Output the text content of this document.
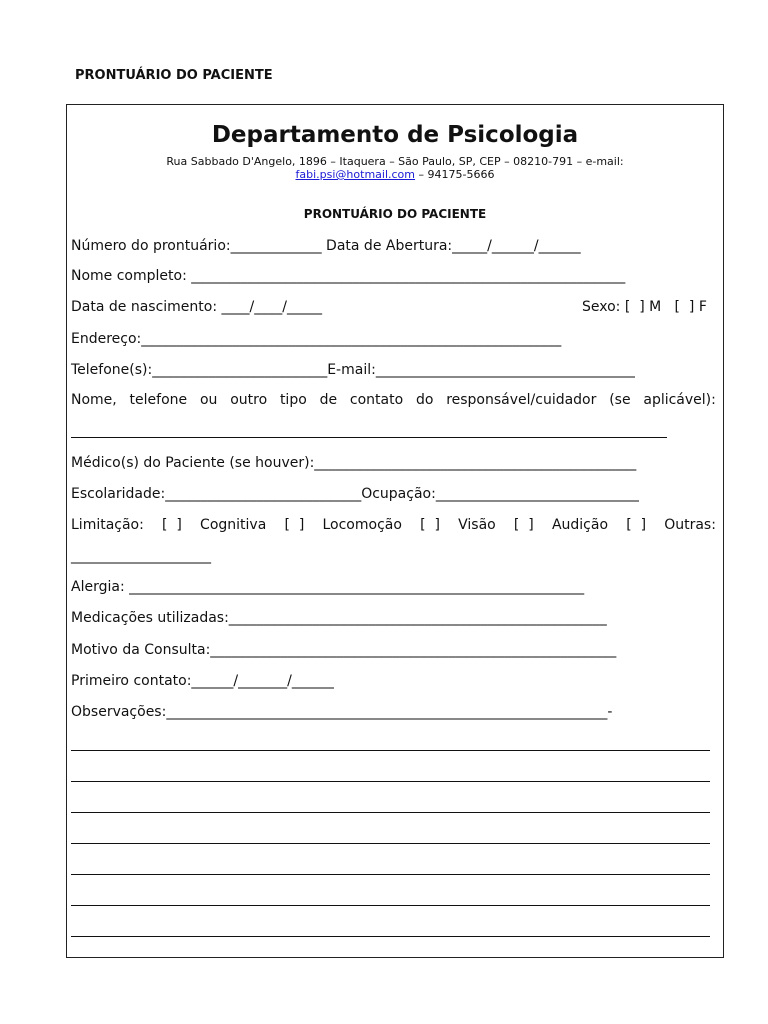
PRONTUÁRIO DO PACIENTE
Departamento de Psicologia
Rua Sabbado D'Angelo, 1896 – Itaquera – São Paulo, SP, CEP – 08210-791 – e-mail:
fabi.psi@hotmail.com – 94175-5666
PRONTUÁRIO DO PACIENTE
Número do prontuário:_____________ Data de Abertura:_____/______/______
Nome completo: ______________________________________________________________
Data de nascimento: ____/____/_____	Sexo: [  ] M   [  ] F
Endereço:____________________________________________________________
Telefone(s):_________________________E-mail:_____________________________________
Nome, telefone ou outro tipo de contato do responsável/cuidador (se aplicável):
Médico(s) do Paciente (se houver):______________________________________________
Escolaridade:____________________________Ocupação:_____________________________
Limitação: [  ] Cognitiva [  ] Locomoção [  ] Visão [  ] Audição [  ] Outras:
____________________
Alergia: _________________________________________________________________
Medicações utilizadas:______________________________________________________
Motivo da Consulta:__________________________________________________________
Primeiro contato:______/_______/______
Observações:_______________________________________________________________-
